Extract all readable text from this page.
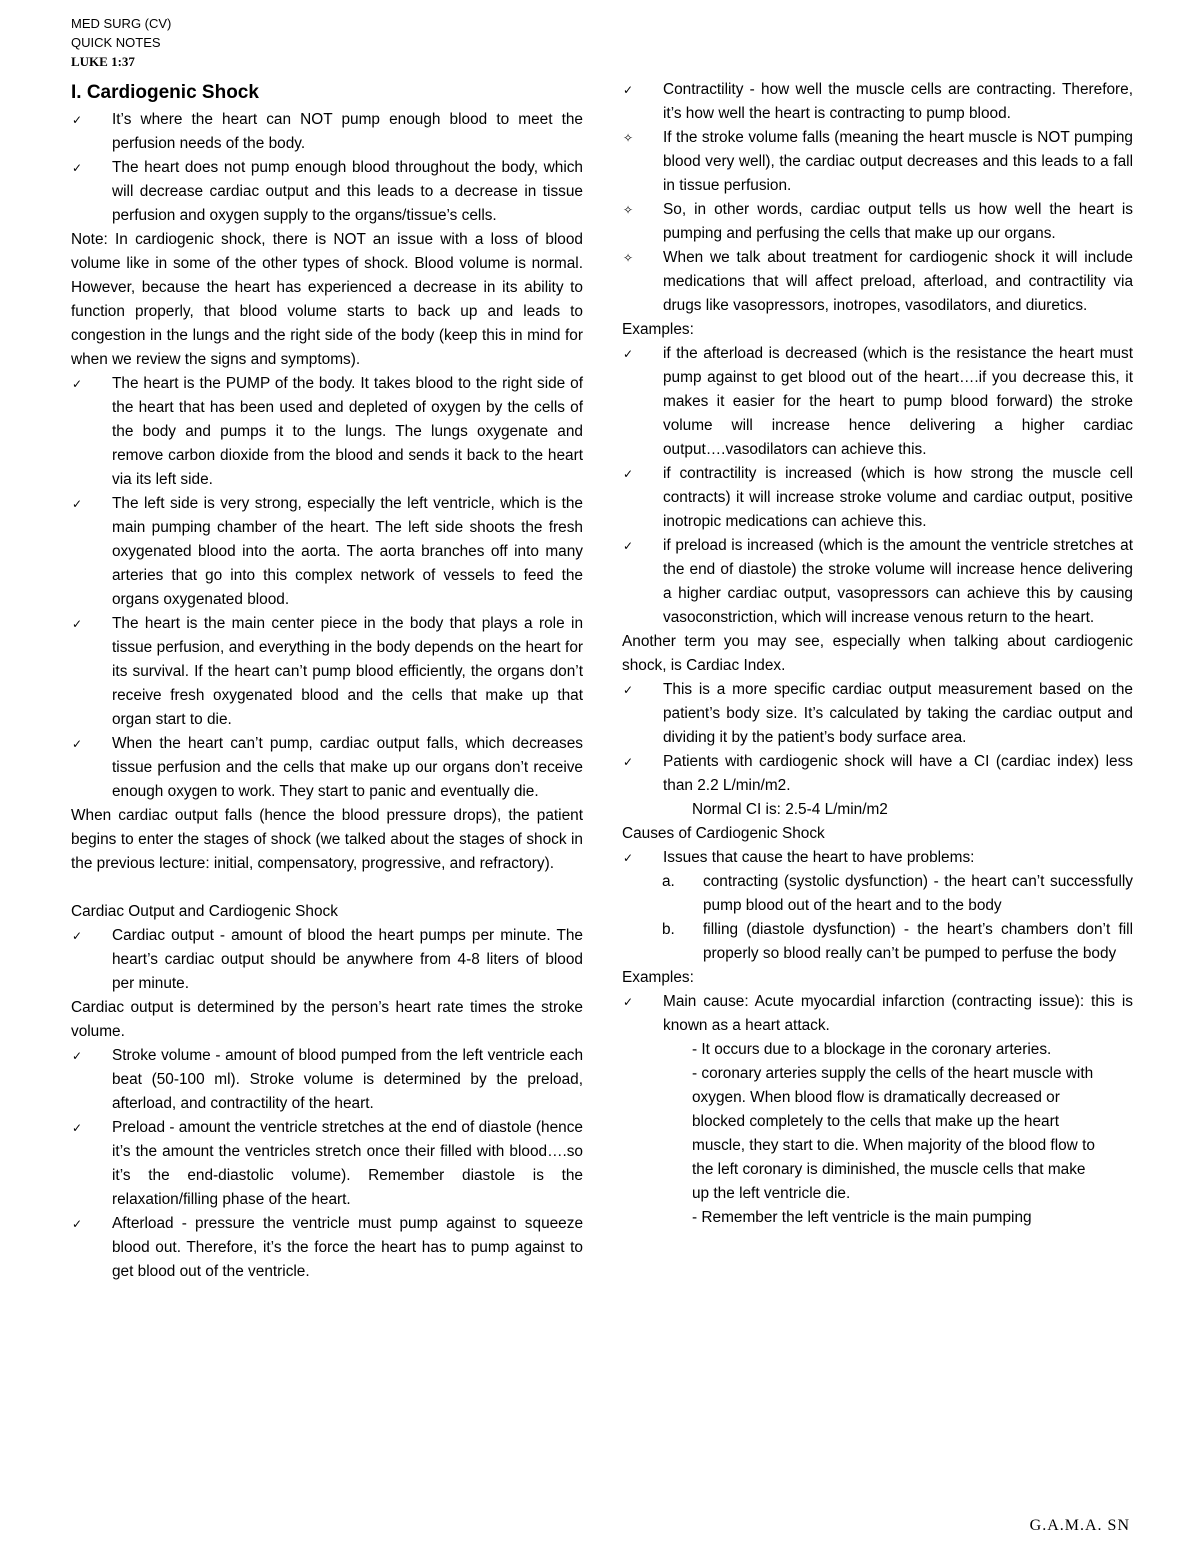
MED SURG (CV)
QUICK NOTES
LUKE 1:37
I. Cardiogenic Shock
✓	It’s where the heart can NOT pump enough blood to meet the perfusion needs of the body.
✓	The heart does not pump enough blood throughout the body, which will decrease cardiac output and this leads to a decrease in tissue perfusion and oxygen supply to the organs/tissue’s cells.
Note: In cardiogenic shock, there is NOT an issue with a loss of blood volume like in some of the other types of shock. Blood volume is normal. However, because the heart has experienced a decrease in its ability to function properly, that blood volume starts to back up and leads to congestion in the lungs and the right side of the body (keep this in mind for when we review the signs and symptoms).
✓	The heart is the PUMP of the body. It takes blood to the right side of the heart that has been used and depleted of oxygen by the cells of the body and pumps it to the lungs. The lungs oxygenate and remove carbon dioxide from the blood and sends it back to the heart via its left side.
✓	The left side is very strong, especially the left ventricle, which is the main pumping chamber of the heart. The left side shoots the fresh oxygenated blood into the aorta. The aorta branches off into many arteries that go into this complex network of vessels to feed the organs oxygenated blood.
✓	The heart is the main center piece in the body that plays a role in tissue perfusion, and everything in the body depends on the heart for its survival. If the heart can’t pump blood efficiently, the organs don’t receive fresh oxygenated blood and the cells that make up that organ start to die.
✓	When the heart can’t pump, cardiac output falls, which decreases tissue perfusion and the cells that make up our organs don’t receive enough oxygen to work. They start to panic and eventually die.
When cardiac output falls (hence the blood pressure drops), the patient begins to enter the stages of shock (we talked about the stages of shock in the previous lecture: initial, compensatory, progressive, and refractory).
Cardiac Output and Cardiogenic Shock
✓	Cardiac output - amount of blood the heart pumps per minute. The heart’s cardiac output should be anywhere from 4-8 liters of blood per minute.
Cardiac output is determined by the person’s heart rate times the stroke volume.
✓	Stroke volume - amount of blood pumped from the left ventricle each beat (50-100 ml). Stroke volume is determined by the preload, afterload, and contractility of the heart.
✓	Preload - amount the ventricle stretches at the end of diastole (hence it’s the amount the ventricles stretch once their filled with blood….so it’s the end-diastolic volume). Remember diastole is the relaxation/filling phase of the heart.
✓	Afterload - pressure the ventricle must pump against to squeeze blood out. Therefore, it’s the force the heart has to pump against to get blood out of the ventricle.
✓	Contractility - how well the muscle cells are contracting. Therefore, it’s how well the heart is contracting to pump blood.
✧	If the stroke volume falls (meaning the heart muscle is NOT pumping blood very well), the cardiac output decreases and this leads to a fall in tissue perfusion.
✧	So, in other words, cardiac output tells us how well the heart is pumping and perfusing the cells that make up our organs.
✧	When we talk about treatment for cardiogenic shock it will include medications that will affect preload, afterload, and contractility via drugs like vasopressors, inotropes, vasodilators, and diuretics.
Examples:
✓	if the afterload is decreased (which is the resistance the heart must pump against to get blood out of the heart….if you decrease this, it makes it easier for the heart to pump blood forward) the stroke volume will increase hence delivering a higher cardiac output….vasodilators can achieve this.
✓	if contractility is increased (which is how strong the muscle cell contracts) it will increase stroke volume and cardiac output, positive inotropic medications can achieve this.
✓	if preload is increased (which is the amount the ventricle stretches at the end of diastole) the stroke volume will increase hence delivering a higher cardiac output, vasopressors can achieve this by causing vasoconstriction, which will increase venous return to the heart.
Another term you may see, especially when talking about cardiogenic shock, is Cardiac Index.
✓	This is a more specific cardiac output measurement based on the patient’s body size. It’s calculated by taking the cardiac output and dividing it by the patient’s body surface area.
✓	Patients with cardiogenic shock will have a CI (cardiac index) less than 2.2 L/min/m2.
Normal CI is: 2.5-4 L/min/m2
Causes of Cardiogenic Shock
✓	Issues that cause the heart to have problems:
a.	contracting (systolic dysfunction) - the heart can’t successfully pump blood out of the heart and to the body
b.	filling (diastole dysfunction) - the heart’s chambers don’t fill properly so blood really can’t be pumped to perfuse the body
Examples:
✓	Main cause: Acute myocardial infarction (contracting issue): this is known as a heart attack.
- It occurs due to a blockage in the coronary arteries.
- coronary arteries supply the cells of the heart muscle with oxygen. When blood flow is dramatically decreased or blocked completely to the cells that make up the heart muscle, they start to die. When majority of the blood flow to the left coronary is diminished, the muscle cells that make up the left ventricle die.
- Remember the left ventricle is the main pumping
G.A.M.A. SN
